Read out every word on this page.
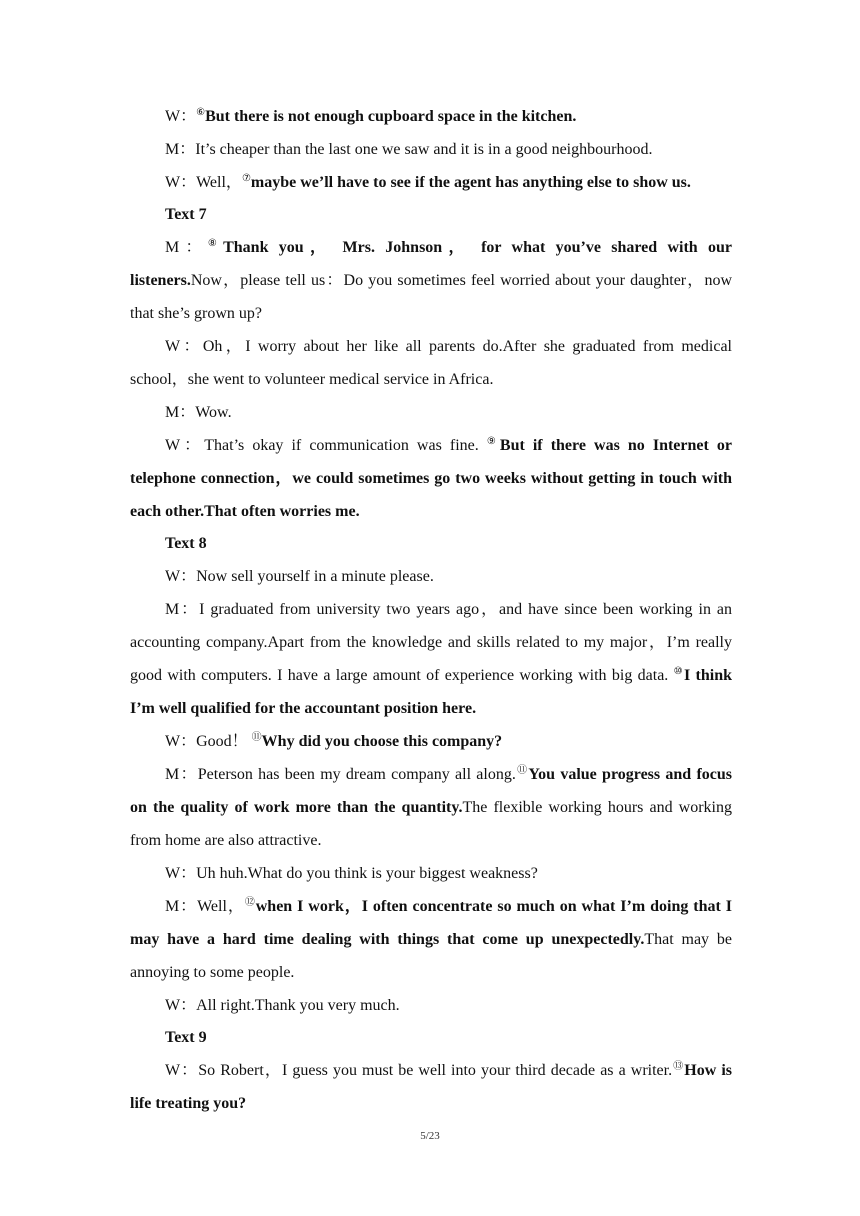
W：⑥But there is not enough cupboard space in the kitchen.

M：It’s cheaper than the last one we saw and it is in a good neighbourhood.

W：Well，⑦maybe we’ll have to see if the agent has anything else to show us.

Text 7

M：⑧Thank you， Mrs. Johnson， for what you’ve shared with our listeners.Now，please tell us：Do you sometimes feel worried about your daughter，now that she’s grown up?

W：Oh，I worry about her like all parents do.After she graduated from medical school，she went to volunteer medical service in Africa.

M：Wow.

W：That’s okay if communication was fine. ⑨But if there was no Internet or telephone connection，we could sometimes go two weeks without getting in touch with each other.That often worries me.

Text 8

W：Now sell yourself in a minute please.

M：I graduated from university two years ago，and have since been working in an accounting company.Apart from the knowledge and skills related to my major，I’m really good with computers. I have a large amount of experience working with big data. ⑩I think I’m well qualified for the accountant position here.

W：Good！ ⑪Why did you choose this company?

M：Peterson has been my dream company all along.⑪You value progress and focus on the quality of work more than the quantity.The flexible working hours and working from home are also attractive.

W：Uh huh.What do you think is your biggest weakness?

M：Well，⑫when I work，I often concentrate so much on what I’m doing that I may have a hard time dealing with things that come up unexpectedly.That may be annoying to some people.

W：All right.Thank you very much.

Text 9

W：So Robert，I guess you must be well into your third decade as a writer.⑬How is life treating you?

5/23
